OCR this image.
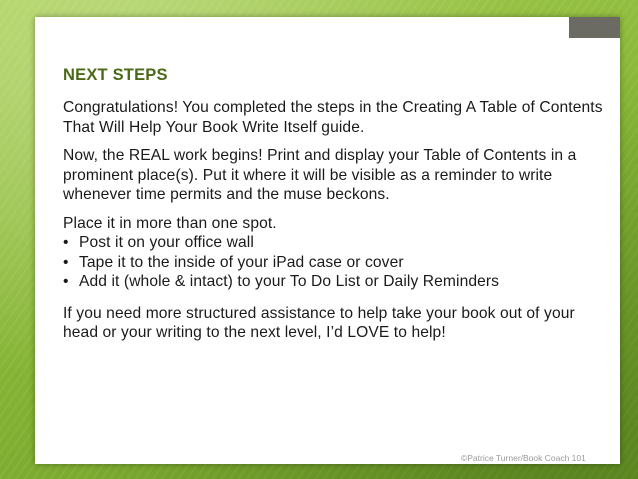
NEXT STEPS

Congratulations! You completed the steps in the Creating A Table of Contents That Will Help Your Book Write Itself guide.

Now, the REAL work begins! Print and display your Table of Contents in a prominent place(s). Put it where it will be visible as a reminder to write whenever time permits and the muse beckons.

Place it in more than one spot.

• Post it on your office wall
• Tape it to the inside of your iPad case or cover
• Add it (whole & intact) to your To Do List or Daily Reminders

If you need more structured assistance to help take your book out of your head or your writing to the next level, I’d LOVE to help!

©Patrice Turner/Book Coach 101
